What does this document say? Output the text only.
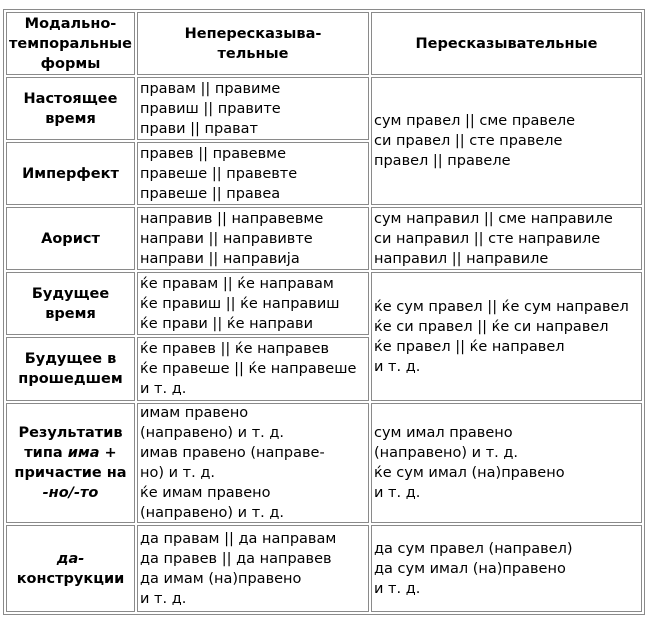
Модально-
темпоральные
формы
Непересказыва-
тельные
Пересказывательные
Настоящее
время
правам || правиме
правиш || правите
прави || прават	сум правел || сме правеле
си правел || сте правеле
правел || правеле
Имперфект
правев || правевме
правеше || правевте
правеше || правеа
Аорист
направив || направевме
направи || направивте
направи || направија
сум направил || сме направиле
си направил || сте направиле
направил || направиле
Будущее
время
ќе правам || ќе направам
ќе правиш || ќе направиш
ќе прави || ќе направи
ќе сум правел || ќе сум направел
ќе си правел || ќе си направел
ќе правел || ќе направел
и т. д.
Будущее в
прошедшем
ќе правев || ќе направев
ќе правеше || ќе направеше
и т. д.
Результатив
типа има +
причастие на
-но/-то
имам правено
(направено) и т. д.
имав правено (направе-
но) и т. д.
ќе имам правено
(направено) и т. д.
сум имал правено
(направено) и т. д.
ќе сум имал (на)правено
и т. д.
да-
конструкции
да правам || да направам
да правев || да направев
да имам (на)правено
и т. д.
да сум правел (направел)
да сум имал (на)правено
и т. д.
